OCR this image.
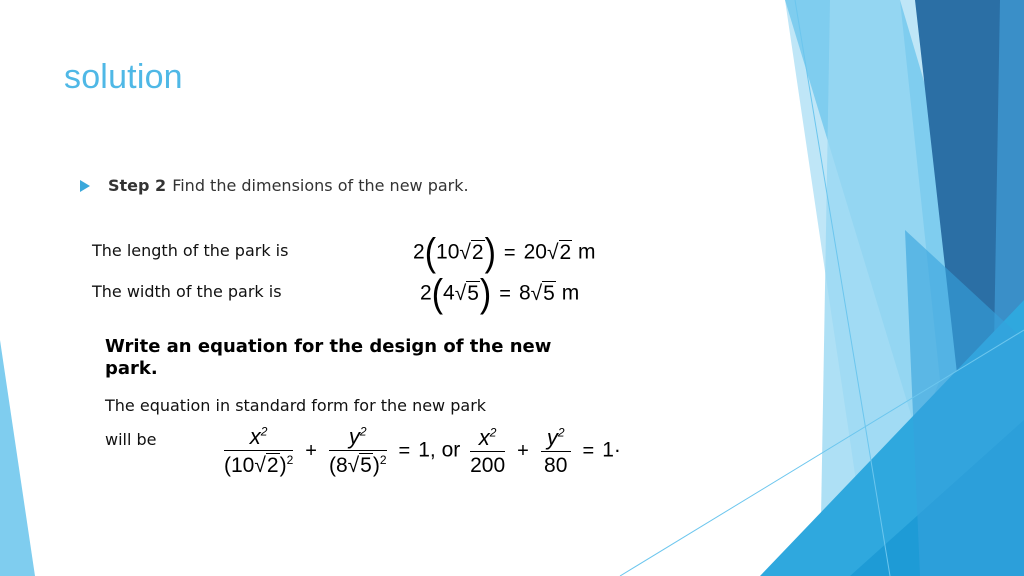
solution
Step 2 Find the dimensions of the new park.
The length of the park is
The width of the park is
2(10√2) = 20√2 m
2(4√5) = 8√5 m
Write an equation for the design of the new park.
The equation in standard form for the new park
will be	$\frac{x^2}{(10√2)^2} + \frac{y^2}{(8√5)^2} = 1$, or $\frac{x^2}{200} + \frac{y^2}{80} = 1\cdot$
